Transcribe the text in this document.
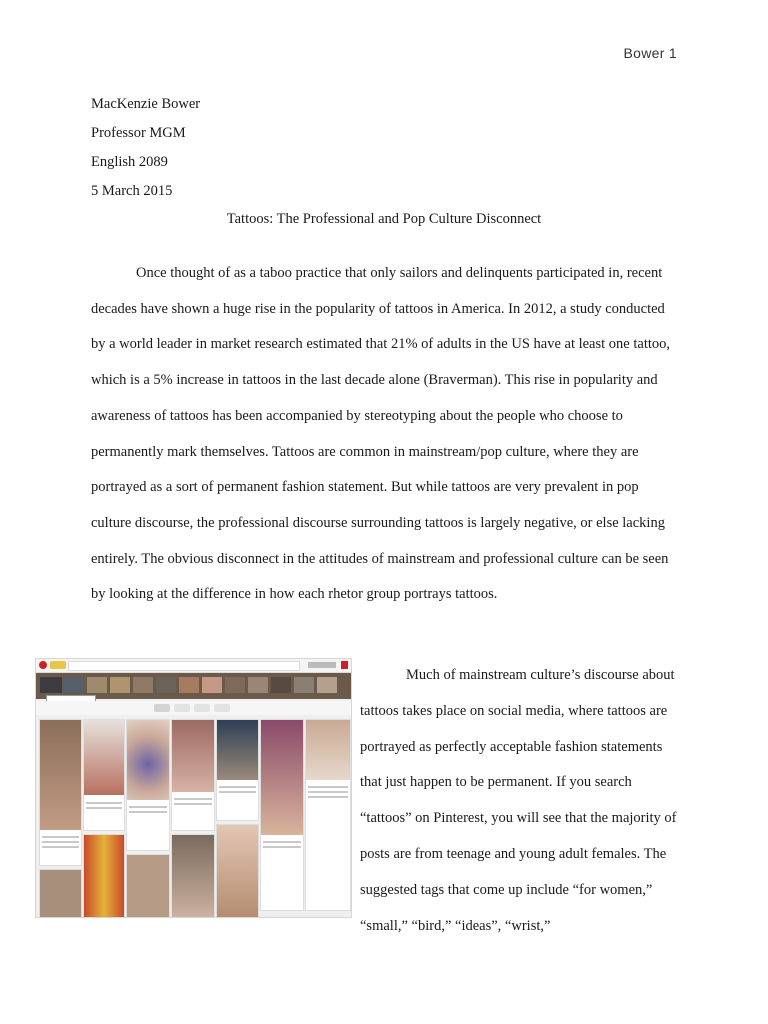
Bower 1
MacKenzie Bower
Professor MGM
English 2089
5 March 2015
Tattoos: The Professional and Pop Culture Disconnect

Once thought of as a taboo practice that only sailors and delinquents participated in, recent decades have shown a huge rise in the popularity of tattoos in America. In 2012, a study conducted by a world leader in market research estimated that 21% of adults in the US have at least one tattoo, which is a 5% increase in tattoos in the last decade alone (Braverman). This rise in popularity and awareness of tattoos has been accompanied by stereotyping about the people who choose to permanently mark themselves. Tattoos are common in mainstream/pop culture, where they are portrayed as a sort of permanent fashion statement. But while tattoos are very prevalent in pop culture discourse, the professional discourse surrounding tattoos is largely negative, or else lacking entirely. The obvious disconnect in the attitudes of mainstream and professional culture can be seen by looking at the difference in how each rhetor group portrays tattoos.

Much of mainstream culture’s discourse about tattoos takes place on social media, where tattoos are portrayed as perfectly acceptable fashion statements that just happen to be permanent. If you search “tattoos” on Pinterest, you will see that the majority of posts are from teenage and young adult females. The suggested tags that come up include “for women,” “small,” “bird,” “ideas”, “wrist,”
